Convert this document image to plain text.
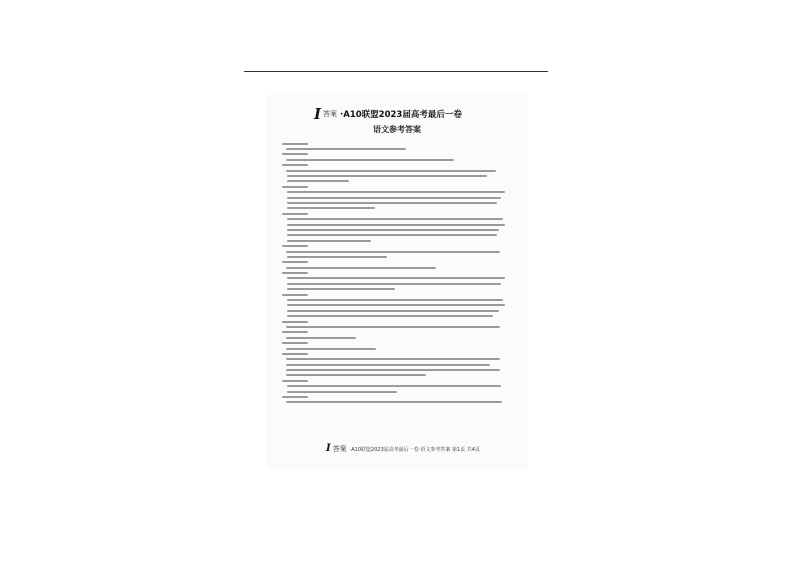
I 答案 ·A10联盟2023届高考最后一卷
语文参考答案
I 答案 ·A10联盟2023届高考最后一卷·语文参考答案 第1页 共4页
